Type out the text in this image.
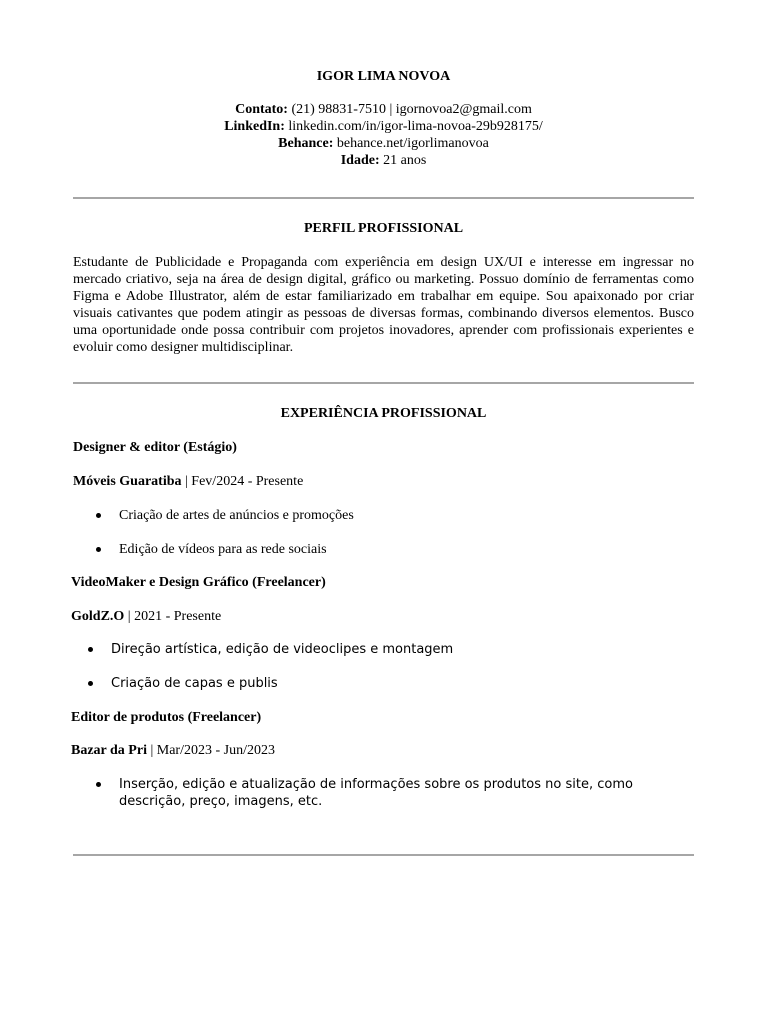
IGOR LIMA NOVOA
Contato: (21) 98831-7510 | igornovoa2@gmail.com
LinkedIn: linkedin.com/in/igor-lima-novoa-29b928175/
Behance: behance.net/igorlimanovoa
Idade: 21 anos
PERFIL PROFISSIONAL
Estudante de Publicidade e Propaganda com experiência em design UX/UI e interesse em ingressar no mercado criativo, seja na área de design digital, gráfico ou marketing. Possuo domínio de ferramentas como Figma e Adobe Illustrator, além de estar familiarizado em trabalhar em equipe. Sou apaixonado por criar visuais cativantes que podem atingir as pessoas de diversas formas, combinando diversos elementos. Busco uma oportunidade onde possa contribuir com projetos inovadores, aprender com profissionais experientes e evoluir como designer multidisciplinar.
EXPERIÊNCIA PROFISSIONAL
Designer & editor (Estágio)
Móveis Guaratiba | Fev/2024 - Presente
Criação de artes de anúncios e promoções
Edição de vídeos para as rede sociais
VideoMaker e Design Gráfico (Freelancer)
GoldZ.O | 2021 - Presente
Direção artística, edição de videoclipes e montagem
Criação de capas e publis
Editor de produtos (Freelancer)
Bazar da Pri | Mar/2023 - Jun/2023
Inserção, edição e atualização de informações sobre os produtos no site, como descrição, preço, imagens, etc.
